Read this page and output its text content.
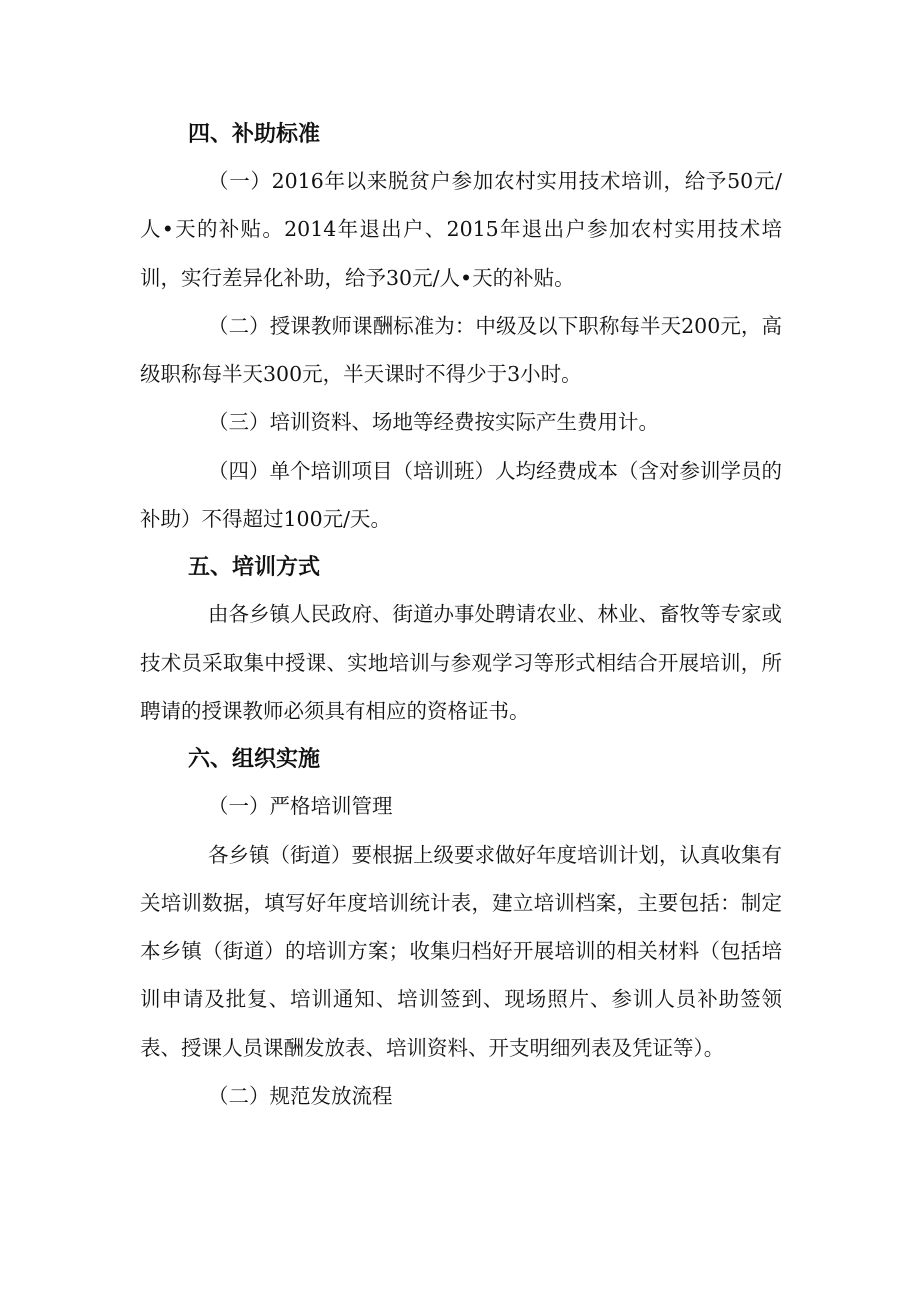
四、补助标准

（一）2016年以来脱贫户参加农村实用技术培训，给予50元/人•天的补贴。2014年退出户、2015年退出户参加农村实用技术培训，实行差异化补助，给予30元/人•天的补贴。

（二）授课教师课酬标准为：中级及以下职称每半天200元，高级职称每半天300元，半天课时不得少于3小时。

（三）培训资料、场地等经费按实际产生费用计。

（四）单个培训项目（培训班）人均经费成本（含对参训学员的补助）不得超过100元/天。

五、培训方式

由各乡镇人民政府、街道办事处聘请农业、林业、畜牧等专家或技术员采取集中授课、实地培训与参观学习等形式相结合开展培训，所聘请的授课教师必须具有相应的资格证书。

六、组织实施
（一）严格培训管理

各乡镇（街道）要根据上级要求做好年度培训计划，认真收集有关培训数据，填写好年度培训统计表，建立培训档案，主要包括：制定本乡镇（街道）的培训方案；收集归档好开展培训的相关材料（包括培训申请及批复、培训通知、培训签到、现场照片、参训人员补助签领表、授课人员课酬发放表、培训资料、开支明细列表及凭证等）。

（二）规范发放流程
